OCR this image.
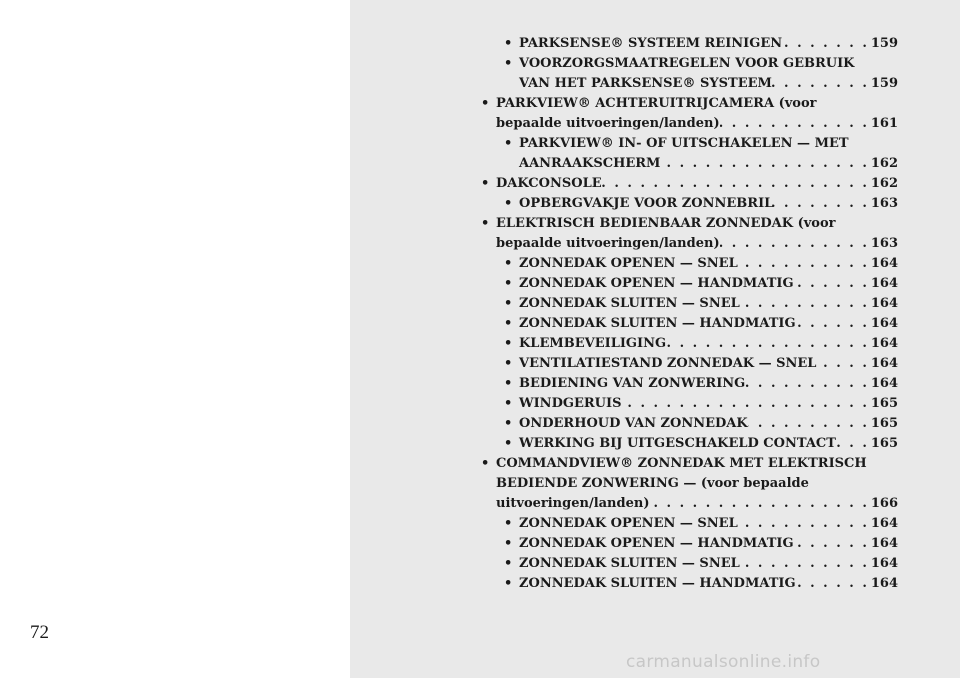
72
• PARKSENSE® SYSTEEM REINIGEN . . .	159
• VOORZORGSMAATREGELEN VOOR GEBRUIK
VAN HET PARKSENSE® SYSTEEM . . .	159
• PARKVIEW® ACHTERUITRIJCAMERA (voor
bepaalde uitvoeringen/landen) . . .	161
• PARKVIEW® IN- OF UITSCHAKELEN — MET
AANRAAKSCHERM . . .	162
• DAKCONSOLE . . .	162
• OPBERGVAKJE VOOR ZONNEBRIL . . .	163
• ELEKTRISCH BEDIENBAAR ZONNEDAK (voor
bepaalde uitvoeringen/landen) . . .	163
• ZONNEDAK OPENEN — SNEL . . .	164
• ZONNEDAK OPENEN — HANDMATIG . . .	164
• ZONNEDAK SLUITEN — SNEL . . .	164
• ZONNEDAK SLUITEN — HANDMATIG . . .	164
• KLEMBEVEILIGING . . .	164
• VENTILATIESTAND ZONNEDAK — SNEL . . .	164
• BEDIENING VAN ZONWERING . . .	164
• WINDGERUIS . . .	165
• ONDERHOUD VAN ZONNEDAK . . .	165
• WERKING BIJ UITGESCHAKELD CONTACT . . .	165
• COMMANDVIEW® ZONNEDAK MET ELEKTRISCH
BEDIENDE ZONWERING — (voor bepaalde
uitvoeringen/landen) . . .	166
• ZONNEDAK OPENEN — SNEL . . .	164
• ZONNEDAK OPENEN — HANDMATIG . . .	164
• ZONNEDAK SLUITEN — SNEL . . .	164
• ZONNEDAK SLUITEN — HANDMATIG . . .	164
carmanualsonline.info
